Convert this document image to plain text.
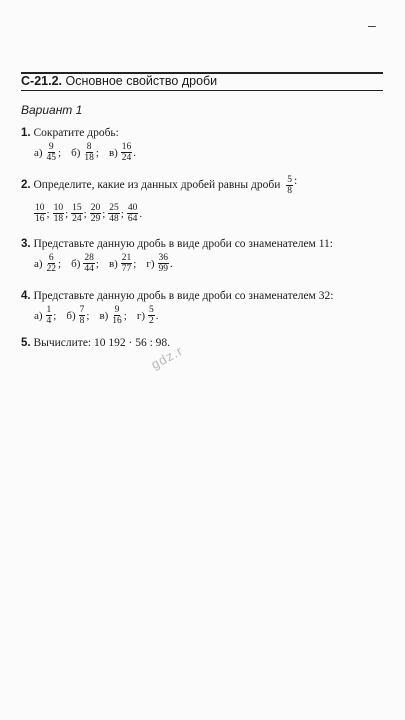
–
С-21.2. Основное свойство дроби
Вариант 1
1. Сократите дробь:
$а) \frac{9}{45}$ ; $б) \frac{8}{18}$ ; $в) \frac{16}{24}$ .
2. Определите, какие из данных дробей равны дроби $\frac{5}{8}$ :
$\frac{10}{16}$ ; $\frac{10}{18}$ ; $\frac{15}{24}$ ; $\frac{20}{29}$ ; $\frac{25}{48}$ ; $\frac{40}{64}$ .
3. Представьте данную дробь в виде дроби со знаменателем 11:
$а) \frac{6}{22}$ ; $б) \frac{28}{44}$ ; $в) \frac{21}{77}$ ; $г) \frac{36}{99}$ .
4. Представьте данную дробь в виде дроби со знаменателем 32:
$а) \frac{1}{4}$ ; $б) \frac{7}{8}$ ; $в) \frac{9}{16}$ ; $г) \frac{5}{2}$ .
5. Вычислите: 10 192 · 56 : 98.
gdz.r
